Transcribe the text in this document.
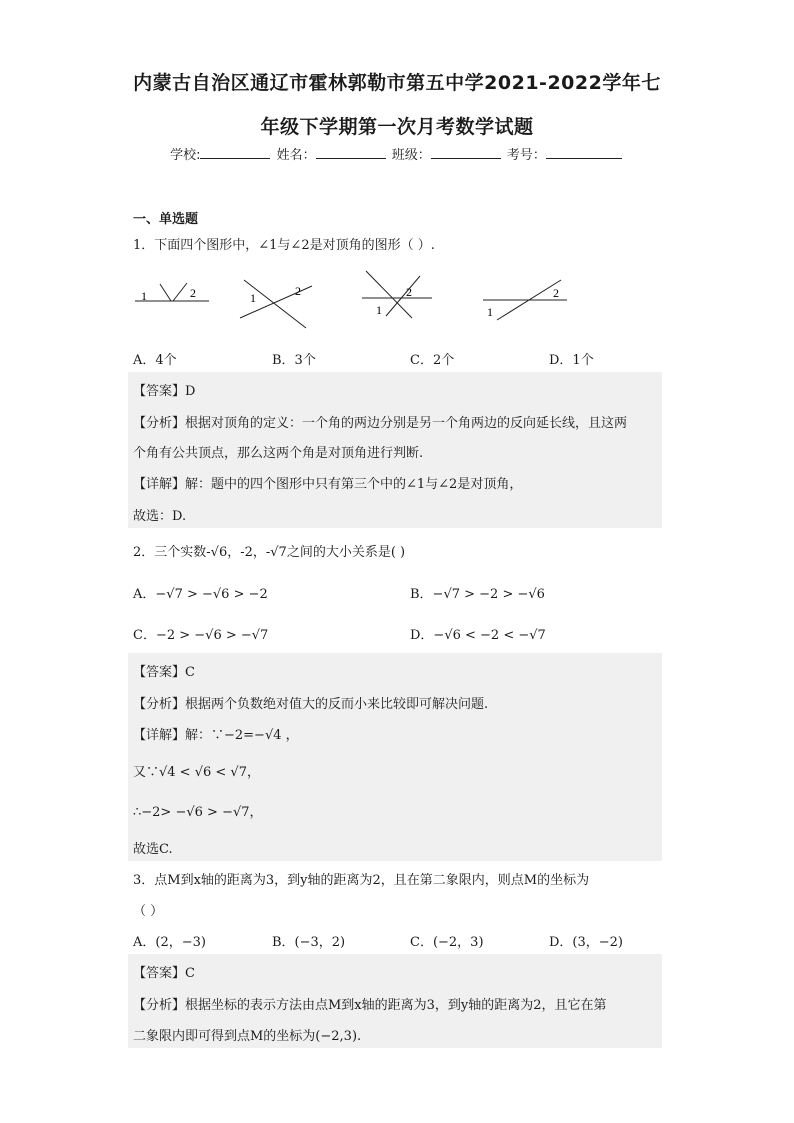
内蒙古自治区通辽市霍林郭勒市第五中学2021-2022学年七
年级下学期第一次月考数学试题
学校:	姓名：	班级：	考号：
一、单选题
1．下面四个图形中，∠1与∠2是对顶角的图形（ ）.
1	2	1	2
1
2
1
2
A．4个	B．3个	C．2个	D．1个
【答案】D
【分析】根据对顶角的定义：一个角的两边分别是另一个角两边的反向延长线，且这两
个角有公共顶点，那么这两个角是对顶角进行判断.
【详解】解：题中的四个图形中只有第三个中的∠1与∠2是对顶角，
故选：D.
2．三个实数-√6，-2，-√7之间的大小关系是( )
A．−√7 > −√6 > −2	B．−√7 > −2 > −√6
C．−2 > −√6 > −√7	D．−√6 < −2 < −√7
【答案】C
【分析】根据两个负数绝对值大的反而小来比较即可解决问题.
【详解】解：∵−2=−√4 ，
又∵√4 < √6 < √7，
∴−2> −√6 > −√7，
故选C.
3．点M到x轴的距离为3，到y轴的距离为2，且在第二象限内，则点M的坐标为
（ ）
A．(2，−3)	B．(−3，2)	C．(−2，3)	D．(3，−2)
【答案】C
【分析】根据坐标的表示方法由点M到x轴的距离为3，到y轴的距离为2，且它在第
二象限内即可得到点M的坐标为(−2,3).
